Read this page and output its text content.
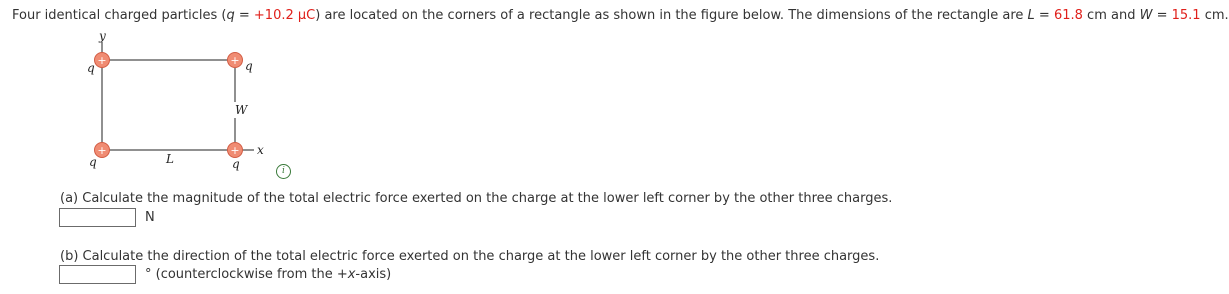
Four identical charged particles (q = +10.2 μC) are located on the corners of a rectangle as shown in the figure below. The dimensions of the rectangle are L = 61.8 cm and W = 15.1 cm.
y
x
L
W
+	+
+	+
q	q
q	q	i
(a) Calculate the magnitude of the total electric force exerted on the charge at the lower left corner by the other three charges.
N
(b) Calculate the direction of the total electric force exerted on the charge at the lower left corner by the other three charges.
° (counterclockwise from the +x-axis)
